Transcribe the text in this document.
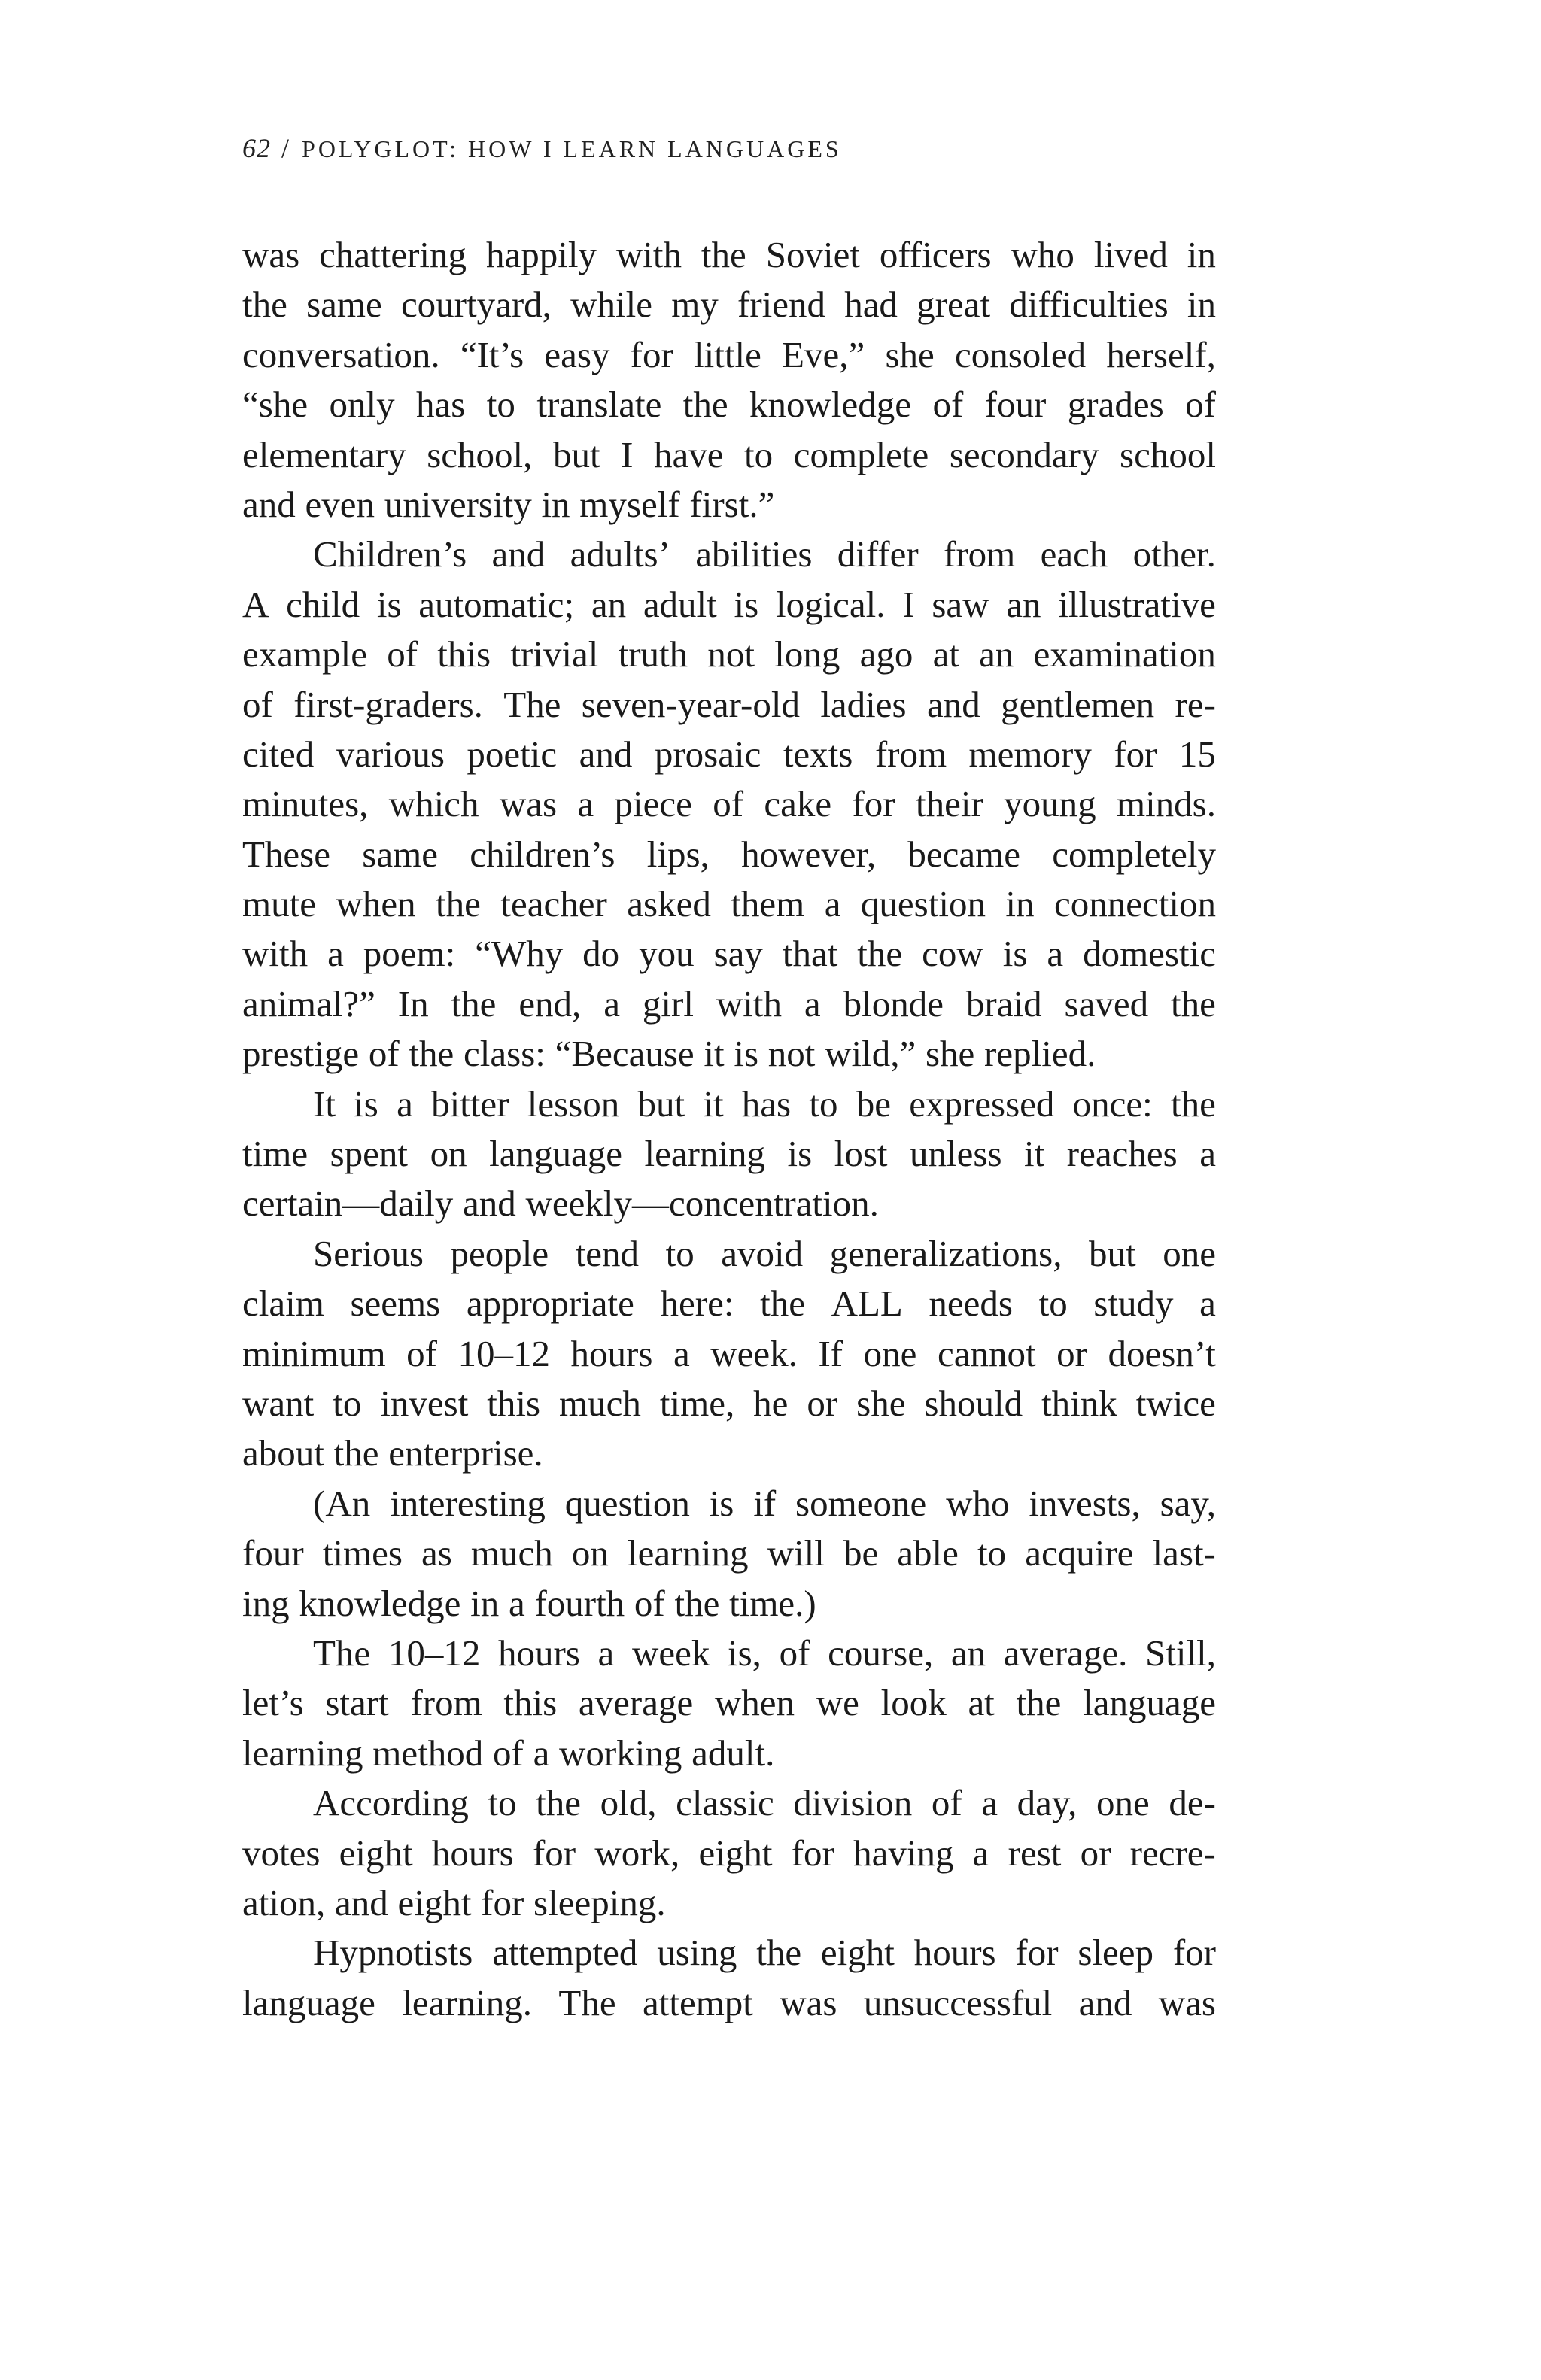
62 / POLYGLOT: HOW I LEARN LANGUAGES
was chattering happily with the Soviet officers who lived in
the same courtyard, while my friend had great difficulties in
conversation. “It’s easy for little Eve,” she consoled herself,
“she only has to translate the knowledge of four grades of
elementary school, but I have to complete secondary school
and even university in myself first.”
Children’s and adults’ abilities differ from each other.
A child is automatic; an adult is logical. I saw an illustrative
example of this trivial truth not long ago at an examination
of first-graders. The seven-year-old ladies and gentlemen re-
cited various poetic and prosaic texts from memory for 15
minutes, which was a piece of cake for their young minds.
These same children’s lips, however, became completely
mute when the teacher asked them a question in connection
with a poem: “Why do you say that the cow is a domestic
animal?” In the end, a girl with a blonde braid saved the
prestige of the class: “Because it is not wild,” she replied.
It is a bitter lesson but it has to be expressed once: the
time spent on language learning is lost unless it reaches a
certain—daily and weekly—concentration.
Serious people tend to avoid generalizations, but one
claim seems appropriate here: the ALL needs to study a
minimum of 10–12 hours a week. If one cannot or doesn’t
want to invest this much time, he or she should think twice
about the enterprise.
(An interesting question is if someone who invests, say,
four times as much on learning will be able to acquire last-
ing knowledge in a fourth of the time.)
The 10–12 hours a week is, of course, an average. Still,
let’s start from this average when we look at the language
learning method of a working adult.
According to the old, classic division of a day, one de-
votes eight hours for work, eight for having a rest or recre-
ation, and eight for sleeping.
Hypnotists attempted using the eight hours for sleep for
language learning. The attempt was unsuccessful and was
